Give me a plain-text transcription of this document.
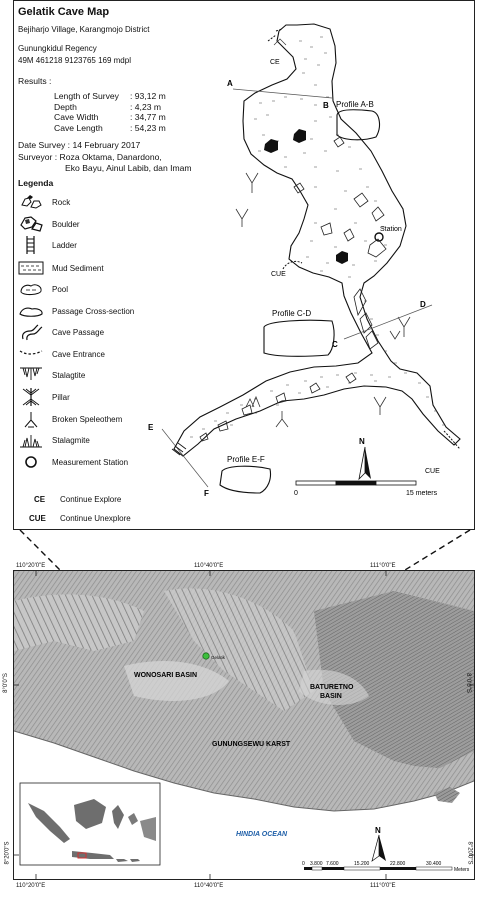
Gelatik Cave Map
Bejiharjo Village, Karangmojo District
Gunungkidul Regency
49M 461218 9123765 169 mdpl
Results :
Length of Survey : 93,12 m
Depth	: 4,23 m
Cave Width	: 34,77 m
Cave Length	: 54,23 m
Date Survey : 14 February 2017
Surveyor : Roza Oktama, Danardono,
Eko Bayu, Ainul Labib, dan Imam
Legenda
Rock
Boulder
Ladder
Mud Sediment
Pool
Passage Cross-section
Cave Passage
Cave Entrance
Stalagtite
Pillar
Broken Speleothem
Stalagmite
Measurement Station
CE Continue Explore
CUE Continue Unexplore
CE
CUE
CUE
A
B
C
D
E
F
Profile A-B
Profile C-D
Profile E-F
Station
N
0	15 meters
Gelatik
WONOSARI BASIN
BATURETNO
BASIN
GUNUNGSEWU KARST
HINDIA OCEAN	N
0 3.800 7.600	15.200	22.800	30.400
Meters
110°20'0"E	110°40'0"E	111°0'0"E
110°20'0"E	110°40'0"E	111°0'0"E
8°0'0"S
8°20'0"S
8°0'0"S
8°20'0"S
